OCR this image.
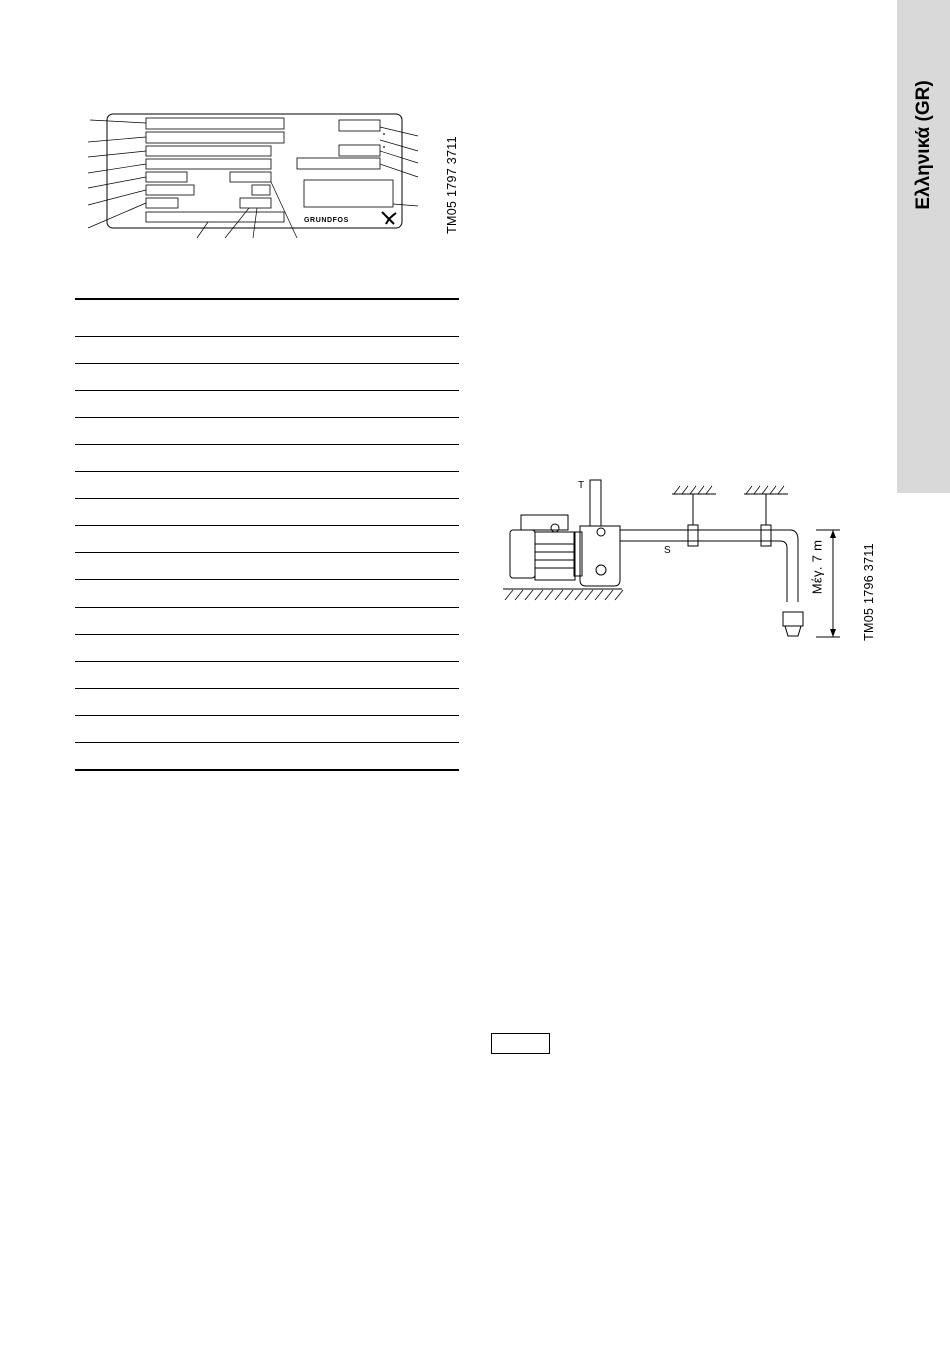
Ελληνικά (GR)
GRUNDFOS	TM05 1797 3711
T
S	Μέγ. 7 m	TM05 1796 3711
